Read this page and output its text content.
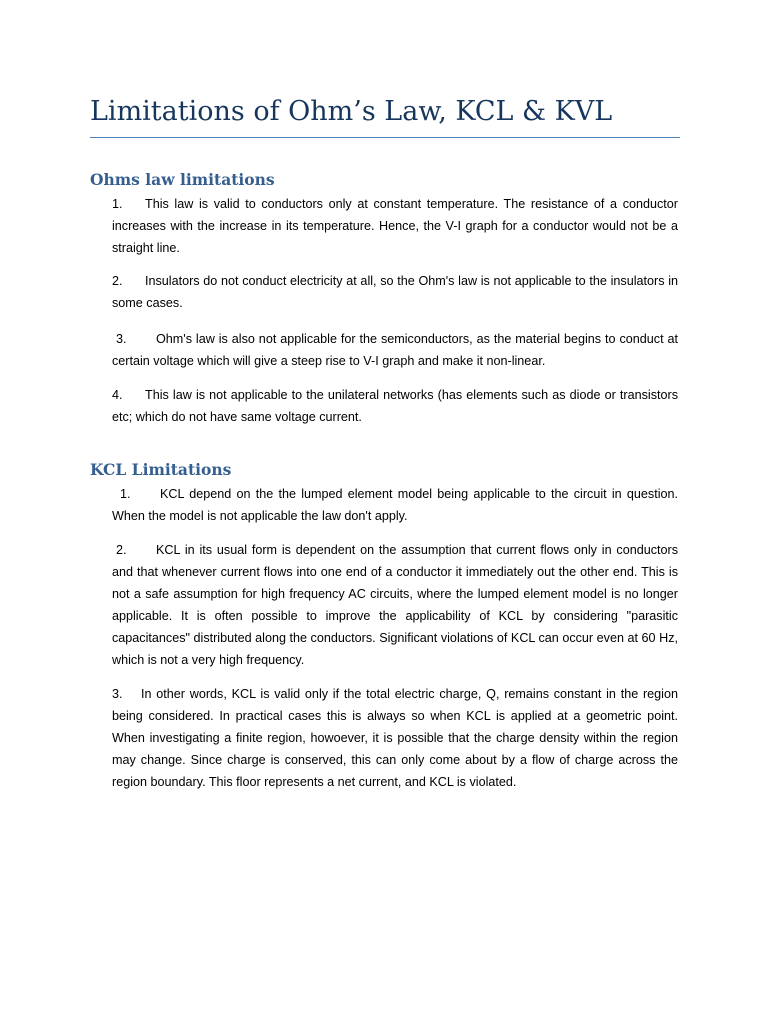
Limitations of Ohm’s Law, KCL & KVL
Ohms law limitations

1. This law is valid to conductors only at constant temperature. The resistance of a conductor increases with the increase in its temperature. Hence, the V-I graph for a conductor would not be a straight line.

2. Insulators do not conduct electricity at all, so the Ohm's law is not applicable to the insulators in some cases.

3. Ohm's law is also not applicable for the semiconductors, as the material begins to conduct at certain voltage which will give a steep rise to V-I graph and make it non-linear.

4. This law is not applicable to the unilateral networks (has elements such as diode or transistors etc; which do not have same voltage current.

KCL Limitations

1. KCL depend on the the lumped element model being applicable to the circuit in question. When the model is not applicable the law don't apply.

2. KCL in its usual form is dependent on the assumption that current flows only in conductors and that whenever current flows into one end of a conductor it immediately out the other end. This is not a safe assumption for high frequency AC circuits, where the lumped element model is no longer applicable. It is often possible to improve the applicability of KCL by considering "parasitic capacitances" distributed along the conductors. Significant violations of KCL can occur even at 60 Hz, which is not a very high frequency.

3. In other words, KCL is valid only if the total electric charge, Q, remains constant in the region being considered. In practical cases this is always so when KCL is applied at a geometric point. When investigating a finite region, howoever, it is possible that the charge density within the region may change. Since charge is conserved, this can only come about by a flow of charge across the region boundary. This floor represents a net current, and KCL is violated.
